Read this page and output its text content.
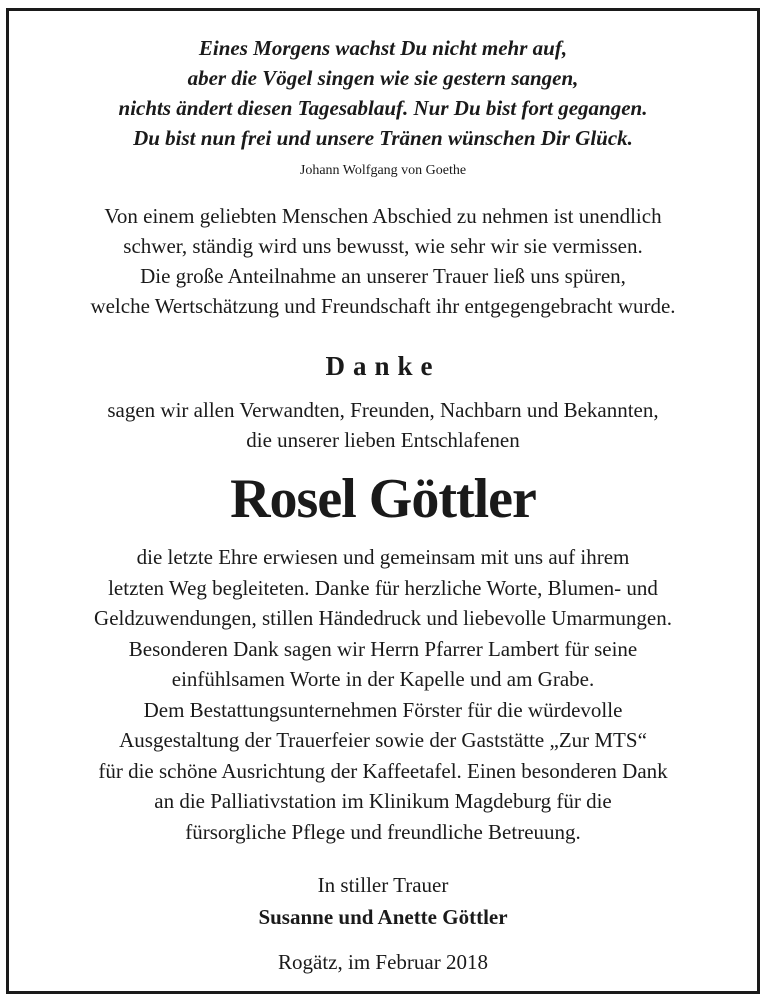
Eines Morgens wachst Du nicht mehr auf,
aber die Vögel singen wie sie gestern sangen,
nichts ändert diesen Tagesablauf. Nur Du bist fort gegangen.
Du bist nun frei und unsere Tränen wünschen Dir Glück.
Johann Wolfgang von Goethe
Von einem geliebten Menschen Abschied zu nehmen ist unendlich
schwer, ständig wird uns bewusst, wie sehr wir sie vermissen.
Die große Anteilnahme an unserer Trauer ließ uns spüren,
welche Wertschätzung und Freundschaft ihr entgegengebracht wurde.
Danke
sagen wir allen Verwandten, Freunden, Nachbarn und Bekannten,
die unserer lieben Entschlafenen
Rosel Göttler
die letzte Ehre erwiesen und gemeinsam mit uns auf ihrem
letzten Weg begleiteten. Danke für herzliche Worte, Blumen- und
Geldzuwendungen, stillen Händedruck und liebevolle Umarmungen.
Besonderen Dank sagen wir Herrn Pfarrer Lambert für seine
einfühlsamen Worte in der Kapelle und am Grabe.
Dem Bestattungsunternehmen Förster für die würdevolle
Ausgestaltung der Trauerfeier sowie der Gaststätte „Zur MTS“
für die schöne Ausrichtung der Kaffeetafel. Einen besonderen Dank
an die Palliativstation im Klinikum Magdeburg für die
fürsorgliche Pflege und freundliche Betreuung.
In stiller Trauer
Susanne und Anette Göttler
Rogätz, im Februar 2018
